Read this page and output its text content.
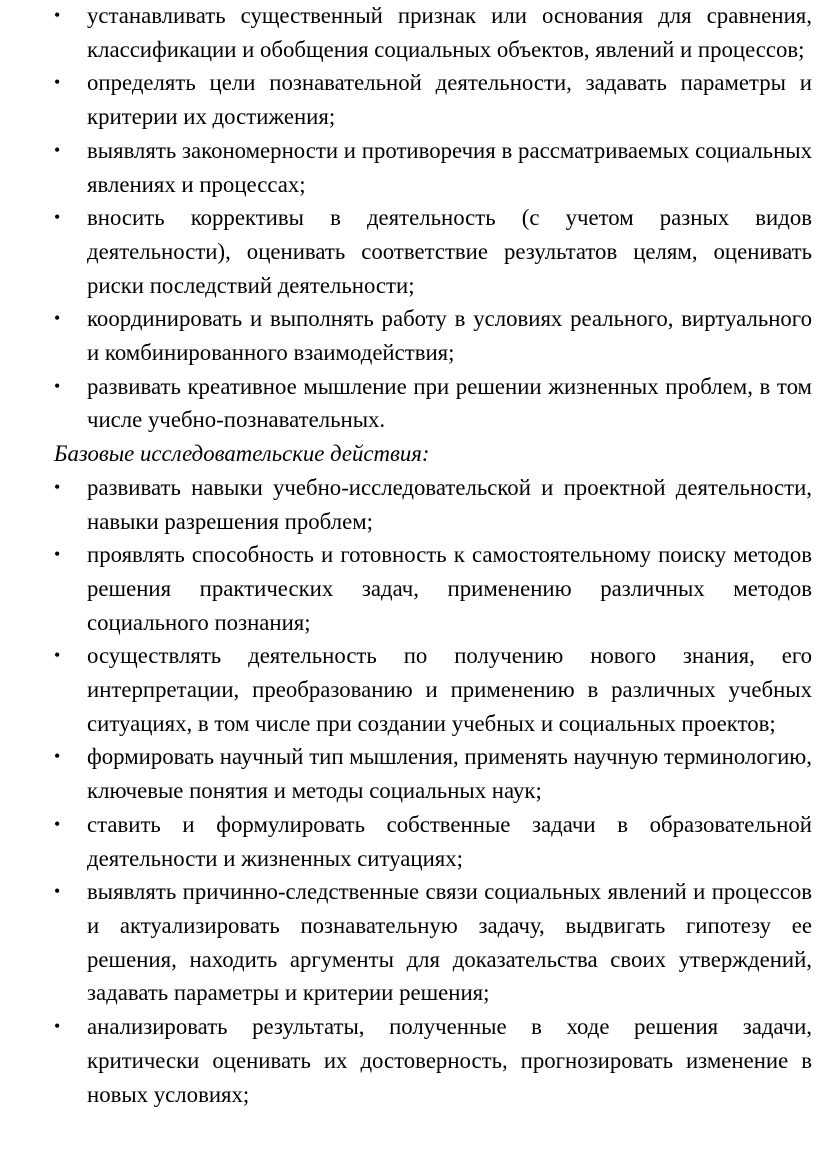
•	устанавливать существенный признак или основания для сравнения, классификации и обобщения социальных объектов, явлений и процессов;
•	определять цели познавательной деятельности, задавать параметры и критерии их достижения;
•	выявлять закономерности и противоречия в рассматриваемых социальных явлениях и процессах;
•	вносить коррективы в деятельность (с учетом разных видов деятельности), оценивать соответствие результатов целям, оценивать риски последствий деятельности;
•	координировать и выполнять работу в условиях реального, виртуального и комбинированного взаимодействия;
•	развивать креативное мышление при решении жизненных проблем, в том числе учебно-познавательных.

Базовые исследовательские действия:

•	развивать навыки учебно-исследовательской и проектной деятельности, навыки разрешения проблем;
•	проявлять способность и готовность к самостоятельному поиску методов решения практических задач, применению различных методов социального познания;
•	осуществлять деятельность по получению нового знания, его интерпретации, преобразованию и применению в различных учебных ситуациях, в том числе при создании учебных и социальных проектов;
•	формировать научный тип мышления, применять научную терминологию, ключевые понятия и методы социальных наук;
•	ставить и формулировать собственные задачи в образовательной деятельности и жизненных ситуациях;
•	выявлять причинно-следственные связи социальных явлений и процессов и актуализировать познавательную задачу, выдвигать гипотезу ее решения, находить аргументы для доказательства своих утверждений, задавать параметры и критерии решения;
•	анализировать результаты, полученные в ходе решения задачи, критически оценивать их достоверность, прогнозировать изменение в новых условиях;
